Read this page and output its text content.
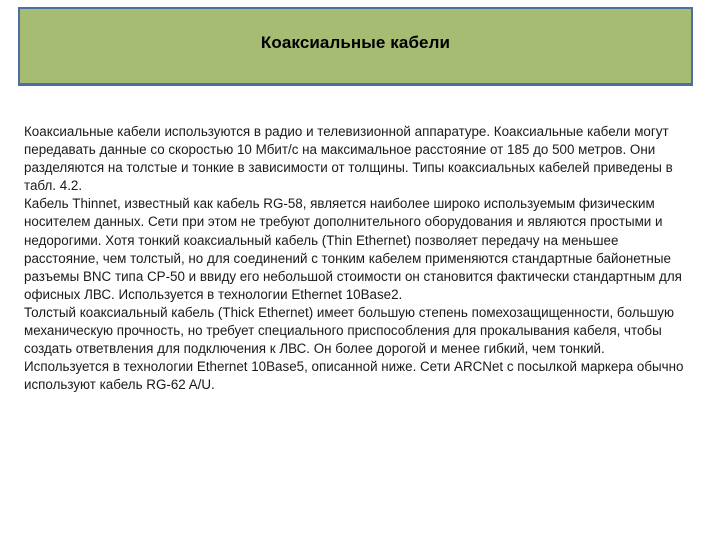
Коаксиальные кабели

Коаксиальные кабели используются в радио и телевизионной аппаратуре. Коаксиальные кабели могут передавать данные со скоростью 10 Мбит/с на максимальное расстояние от 185 до 500 метров. Они разделяются на толстые и тонкие в зависимости от толщины. Типы коаксиальных кабелей приведены в табл. 4.2.

Кабель Thinnet, известный как кабель RG-58, является наиболее широко используемым физическим носителем данных. Сети при этом не требуют дополнительного оборудования и являются простыми и недорогими. Хотя тонкий коаксиальный кабель (Thin Ethernet) позволяет передачу на меньшее расстояние, чем толстый, но для соединений с тонким кабелем применяются стандартные байонетные разъемы BNC типа СР-50 и ввиду его небольшой стоимости он становится фактически стандартным для офисных ЛВС. Используется в технологии Ethernet 10Base2.

Толстый коаксиальный кабель (Thick Ethernet) имеет большую степень помехозащищенности, большую механическую прочность, но требует специального приспособления для прокалывания кабеля, чтобы создать ответвления для подключения к ЛВС. Он более дорогой и менее гибкий, чем тонкий. Используется в технологии Ethernet 10Base5, описанной ниже. Сети ARCNet с посылкой маркера обычно используют кабель RG-62 A/U.
